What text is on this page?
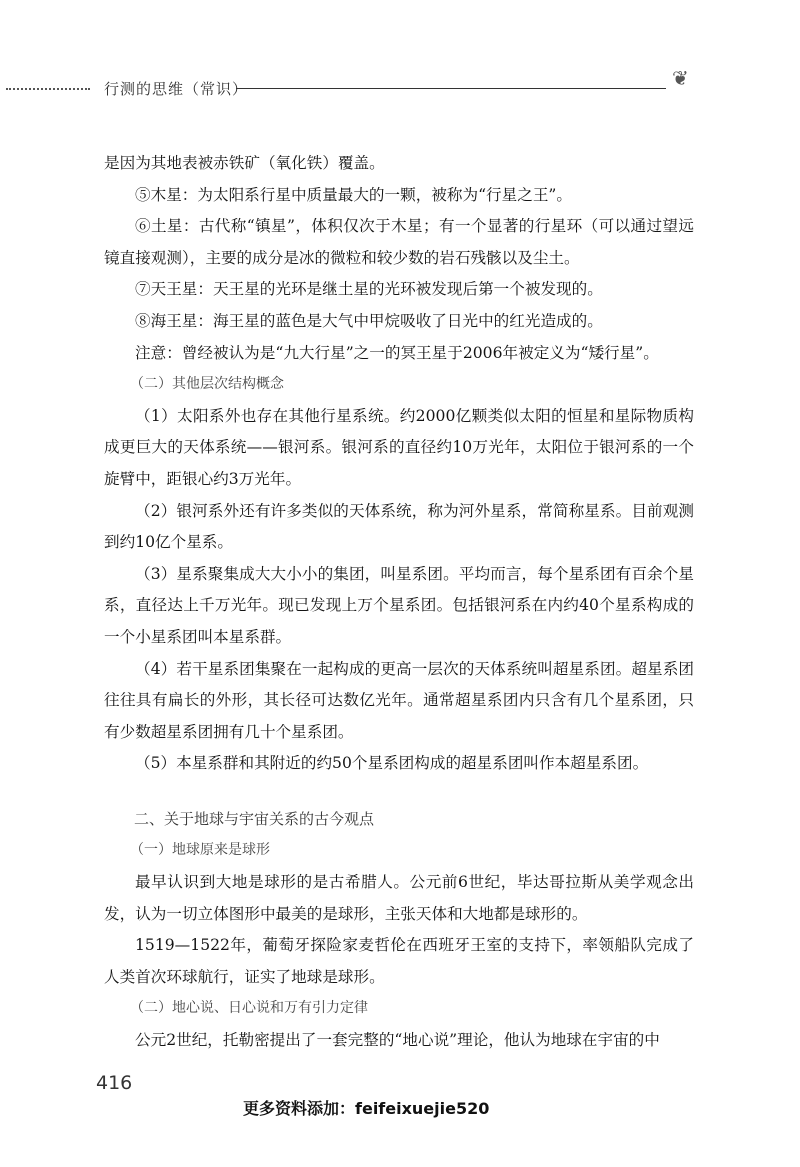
行测的思维（常识）	❦

是因为其地表被赤铁矿（氧化铁）覆盖。

⑤木星：为太阳系行星中质量最大的一颗，被称为“行星之王”。

⑥土星：古代称“镇星”，体积仅次于木星；有一个显著的行星环（可以通过望远镜直接观测），主要的成分是冰的微粒和较少数的岩石残骸以及尘土。

⑦天王星：天王星的光环是继土星的光环被发现后第一个被发现的。

⑧海王星：海王星的蓝色是大气中甲烷吸收了日光中的红光造成的。

注意：曾经被认为是“九大行星”之一的冥王星于2006年被定义为“矮行星”。

（二）其他层次结构概念

（1）太阳系外也存在其他行星系统。约2000亿颗类似太阳的恒星和星际物质构成更巨大的天体系统——银河系。银河系的直径约10万光年，太阳位于银河系的一个旋臂中，距银心约3万光年。

（2）银河系外还有许多类似的天体系统，称为河外星系，常简称星系。目前观测到约10亿个星系。

（3）星系聚集成大大小小的集团，叫星系团。平均而言，每个星系团有百余个星系，直径达上千万光年。现已发现上万个星系团。包括银河系在内约40个星系构成的一个小星系团叫本星系群。

（4）若干星系团集聚在一起构成的更高一层次的天体系统叫超星系团。超星系团往往具有扁长的外形，其长径可达数亿光年。通常超星系团内只含有几个星系团，只有少数超星系团拥有几十个星系团。

（5）本星系群和其附近的约50个星系团构成的超星系团叫作本超星系团。

二、关于地球与宇宙关系的古今观点

（一）地球原来是球形

最早认识到大地是球形的是古希腊人。公元前6世纪，毕达哥拉斯从美学观念出发，认为一切立体图形中最美的是球形，主张天体和大地都是球形的。

1519—1522年，葡萄牙探险家麦哲伦在西班牙王室的支持下，率领船队完成了人类首次环球航行，证实了地球是球形。

（二）地心说、日心说和万有引力定律

公元2世纪，托勒密提出了一套完整的“地心说”理论，他认为地球在宇宙的中

416
更多资料添加：feifeixuejie520
